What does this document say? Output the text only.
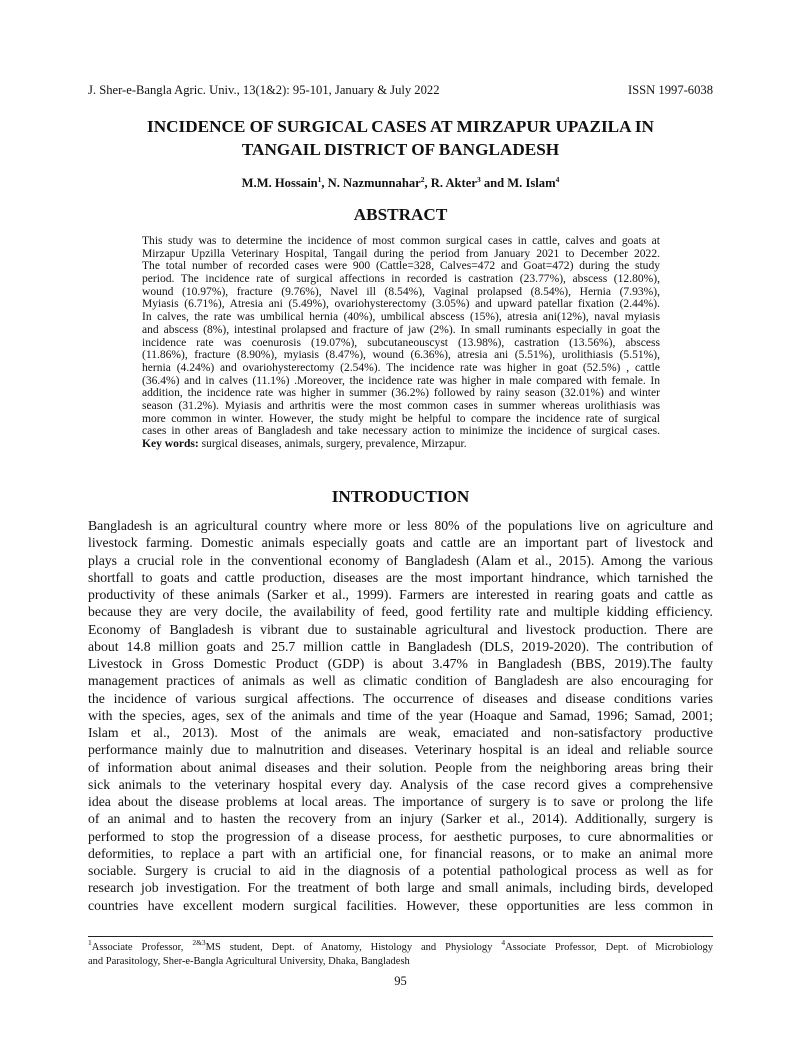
J. Sher-e-Bangla Agric. Univ., 13(1&2): 95-101, January & July 2022	ISSN 1997-6038
INCIDENCE OF SURGICAL CASES AT MIRZAPUR UPAZILA IN
TANGAIL DISTRICT OF BANGLADESH
M.M. Hossain$^1$, N. Nazmunnahar$^2$, R. Akter$^3$ and M. Islam$^4$
ABSTRACT
This study was to determine the incidence of most common surgical cases in cattle, calves and goats at
Mirzapur Upzilla Veterinary Hospital, Tangail during the period from January 2021 to December 2022.
The total number of recorded cases were 900 (Cattle=328, Calves=472 and Goat=472) during the study
period. The incidence rate of surgical affections in recorded is castration (23.77%), abscess (12.80%),
wound (10.97%), fracture (9.76%), Navel ill (8.54%), Vaginal prolapsed (8.54%), Hernia (7.93%),
Myiasis (6.71%), Atresia ani (5.49%), ovariohysterectomy (3.05%) and upward patellar fixation (2.44%).
In calves, the rate was umbilical hernia (40%), umbilical abscess (15%), atresia ani(12%), naval myiasis
and abscess (8%), intestinal prolapsed and fracture of jaw (2%). In small ruminants especially in goat the
incidence rate was coenurosis (19.07%), subcutaneouscyst (13.98%), castration (13.56%), abscess
(11.86%), fracture (8.90%), myiasis (8.47%), wound (6.36%), atresia ani (5.51%), urolithiasis (5.51%),
hernia (4.24%) and ovariohysterectomy (2.54%). The incidence rate was higher in goat (52.5%) , cattle
(36.4%) and in calves (11.1%) .Moreover, the incidence rate was higher in male compared with female. In
addition, the incidence rate was higher in summer (36.2%) followed by rainy season (32.01%) and winter
season (31.2%). Myiasis and arthritis were the most common cases in summer whereas urolithiasis was
more common in winter. However, the study might be helpful to compare the incidence rate of surgical
cases in other areas of Bangladesh and take necessary action to minimize the incidence of surgical cases.
Key words: surgical diseases, animals, surgery, prevalence, Mirzapur.
INTRODUCTION
Bangladesh is an agricultural country where more or less 80% of the populations live on agriculture and
livestock farming. Domestic animals especially goats and cattle are an important part of livestock and
plays a crucial role in the conventional economy of Bangladesh (Alam et al., 2015). Among the various
shortfall to goats and cattle production, diseases are the most important hindrance, which tarnished the
productivity of these animals (Sarker et al., 1999). Farmers are interested in rearing goats and cattle as
because they are very docile, the availability of feed, good fertility rate and multiple kidding efficiency.
Economy of Bangladesh is vibrant due to sustainable agricultural and livestock production. There are
about 14.8 million goats and 25.7 million cattle in Bangladesh (DLS, 2019-2020). The contribution of
Livestock in Gross Domestic Product (GDP) is about 3.47% in Bangladesh (BBS, 2019).The faulty
management practices of animals as well as climatic condition of Bangladesh are also encouraging for
the incidence of various surgical affections. The occurrence of diseases and disease conditions varies
with the species, ages, sex of the animals and time of the year (Hoaque and Samad, 1996; Samad, 2001;
Islam et al., 2013). Most of the animals are weak, emaciated and non-satisfactory productive
performance mainly due to malnutrition and diseases. Veterinary hospital is an ideal and reliable source
of information about animal diseases and their solution. People from the neighboring areas bring their
sick animals to the veterinary hospital every day. Analysis of the case record gives a comprehensive
idea about the disease problems at local areas. The importance of surgery is to save or prolong the life
of an animal and to hasten the recovery from an injury (Sarker et al., 2014). Additionally, surgery is
performed to stop the progression of a disease process, for aesthetic purposes, to cure abnormalities or
deformities, to replace a part with an artificial one, for financial reasons, or to make an animal more
sociable. Surgery is crucial to aid in the diagnosis of a potential pathological process as well as for
research job investigation. For the treatment of both large and small animals, including birds, developed
countries have excellent modern surgical facilities. However, these opportunities are less common in
$^1$Associate Professor, $^{2\&3}$MS student, Dept. of Anatomy, Histology and Physiology $^4$Associate Professor, Dept. of Microbiology
and Parasitology, Sher-e-Bangla Agricultural University, Dhaka, Bangladesh
95
